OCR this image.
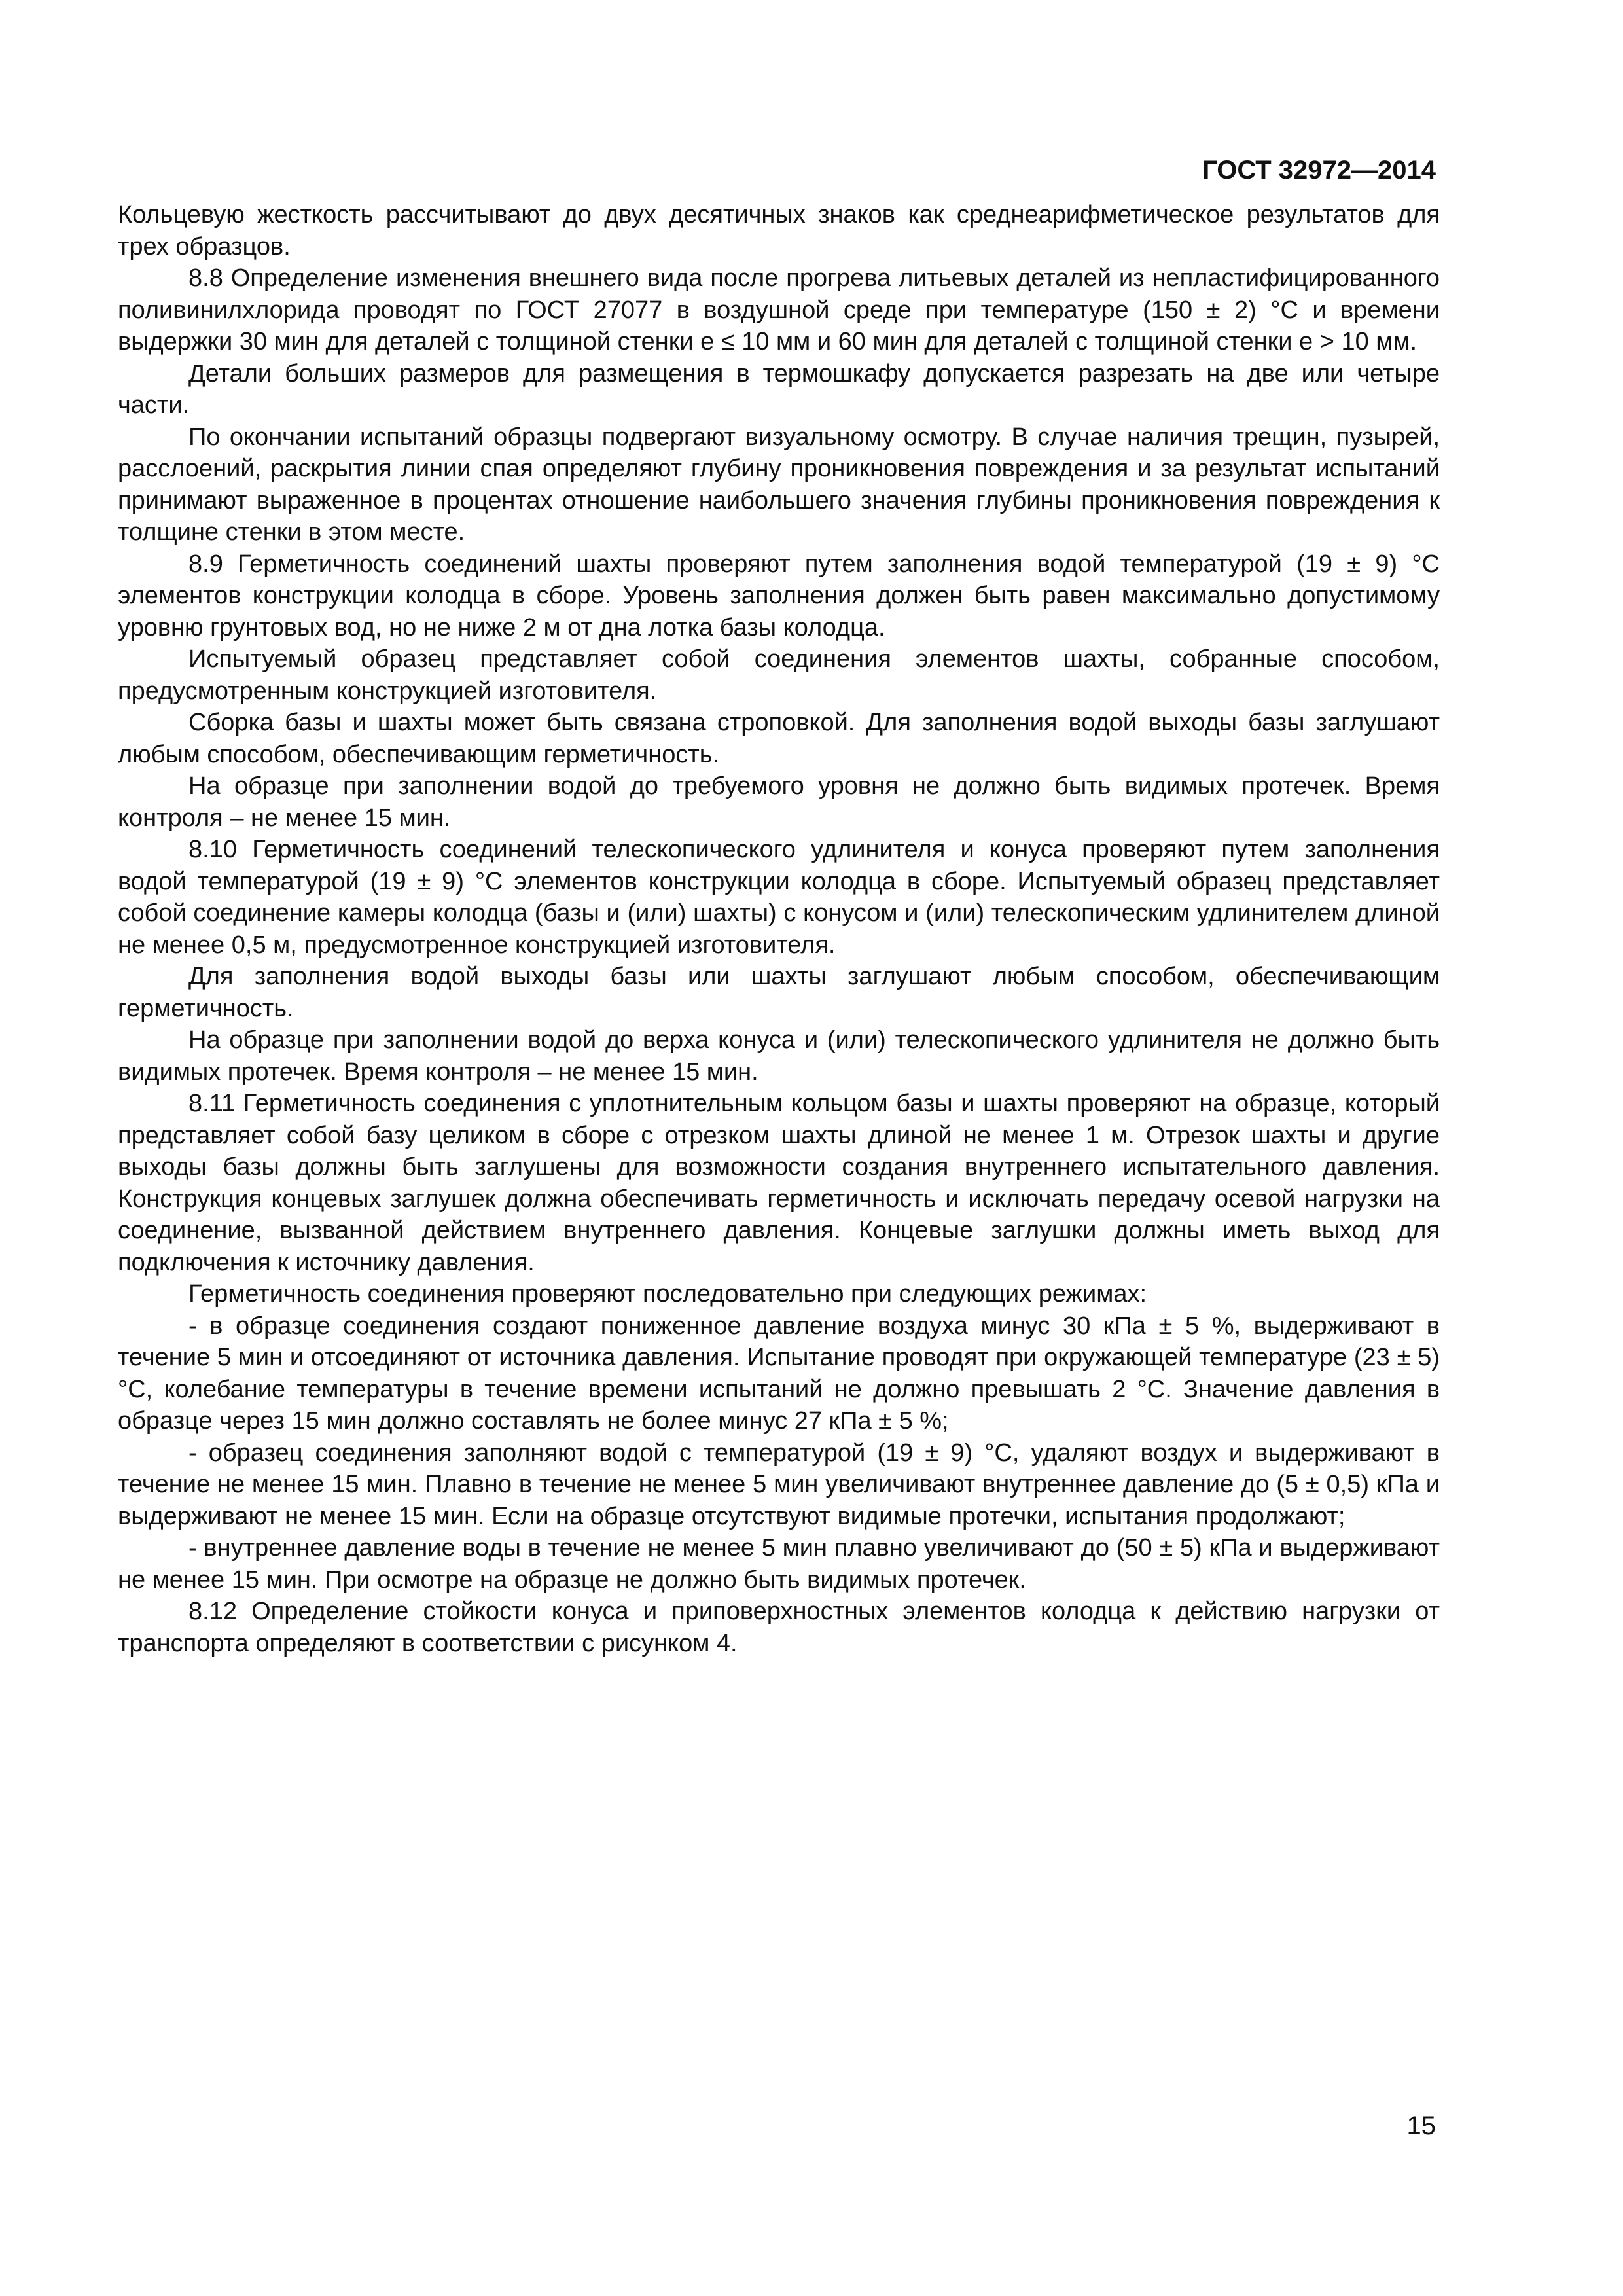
ГОСТ 32972—2014

Кольцевую жесткость рассчитывают до двух десятичных знаков как среднеарифметическое результатов для трех образцов.

8.8 Определение изменения внешнего вида после прогрева литьевых деталей из непластифицированного поливинилхлорида проводят по ГОСТ 27077 в воздушной среде при температуре (150 ± 2) °С и времени выдержки 30 мин для деталей с толщиной стенки e ≤ 10 мм и 60 мин для деталей с толщиной стенки e > 10 мм.

Детали больших размеров для размещения в термошкафу допускается разрезать на две или четыре части.

По окончании испытаний образцы подвергают визуальному осмотру. В случае наличия трещин, пузырей, расслоений, раскрытия линии спая определяют глубину проникновения повреждения и за результат испытаний принимают выраженное в процентах отношение наибольшего значения глубины проникновения повреждения к толщине стенки в этом месте.

8.9 Герметичность соединений шахты проверяют путем заполнения водой температурой (19 ± 9) °С элементов конструкции колодца в сборе. Уровень заполнения должен быть равен максимально допустимому уровню грунтовых вод, но не ниже 2 м от дна лотка базы колодца.

Испытуемый образец представляет собой соединения элементов шахты, собранные способом, предусмотренным конструкцией изготовителя.

Сборка базы и шахты может быть связана строповкой. Для заполнения водой выходы базы заглушают любым способом, обеспечивающим герметичность.

На образце при заполнении водой до требуемого уровня не должно быть видимых протечек. Время контроля – не менее 15 мин.

8.10 Герметичность соединений телескопического удлинителя и конуса проверяют путем заполнения водой температурой (19 ± 9) °С элементов конструкции колодца в сборе. Испытуемый образец представляет собой соединение камеры колодца (базы и (или) шахты) с конусом и (или) телескопическим удлинителем длиной не менее 0,5 м, предусмотренное конструкцией изготовителя.

Для заполнения водой выходы базы или шахты заглушают любым способом, обеспечивающим герметичность.

На образце при заполнении водой до верха конуса и (или) телескопического удлинителя не должно быть видимых протечек. Время контроля – не менее 15 мин.

8.11 Герметичность соединения с уплотнительным кольцом базы и шахты проверяют на образце, который представляет собой базу целиком в сборе с отрезком шахты длиной не менее 1 м. Отрезок шахты и другие выходы базы должны быть заглушены для возможности создания внутреннего испытательного давления. Конструкция концевых заглушек должна обеспечивать герметичность и исключать передачу осевой нагрузки на соединение, вызванной действием внутреннего давления. Концевые заглушки должны иметь выход для подключения к источнику давления.

Герметичность соединения проверяют последовательно при следующих режимах:

- в образце соединения создают пониженное давление воздуха минус 30 кПа ± 5 %, выдерживают в течение 5 мин и отсоединяют от источника давления. Испытание проводят при окружающей температуре (23 ± 5) °С, колебание температуры в течение времени испытаний не должно превышать 2 °С. Значение давления в образце через 15 мин должно составлять не более минус 27 кПа ± 5 %;

- образец соединения заполняют водой с температурой (19 ± 9) °С, удаляют воздух и выдерживают в течение не менее 15 мин. Плавно в течение не менее 5 мин увеличивают внутреннее давление до (5 ± 0,5) кПа и выдерживают не менее 15 мин. Если на образце отсутствуют видимые протечки, испытания продолжают;

- внутреннее давление воды в течение не менее 5 мин плавно увеличивают до (50 ± 5) кПа и выдерживают не менее 15 мин. При осмотре на образце не должно быть видимых протечек.

8.12 Определение стойкости конуса и приповерхностных элементов колодца к действию нагрузки от транспорта определяют в соответствии с рисунком 4.

15
